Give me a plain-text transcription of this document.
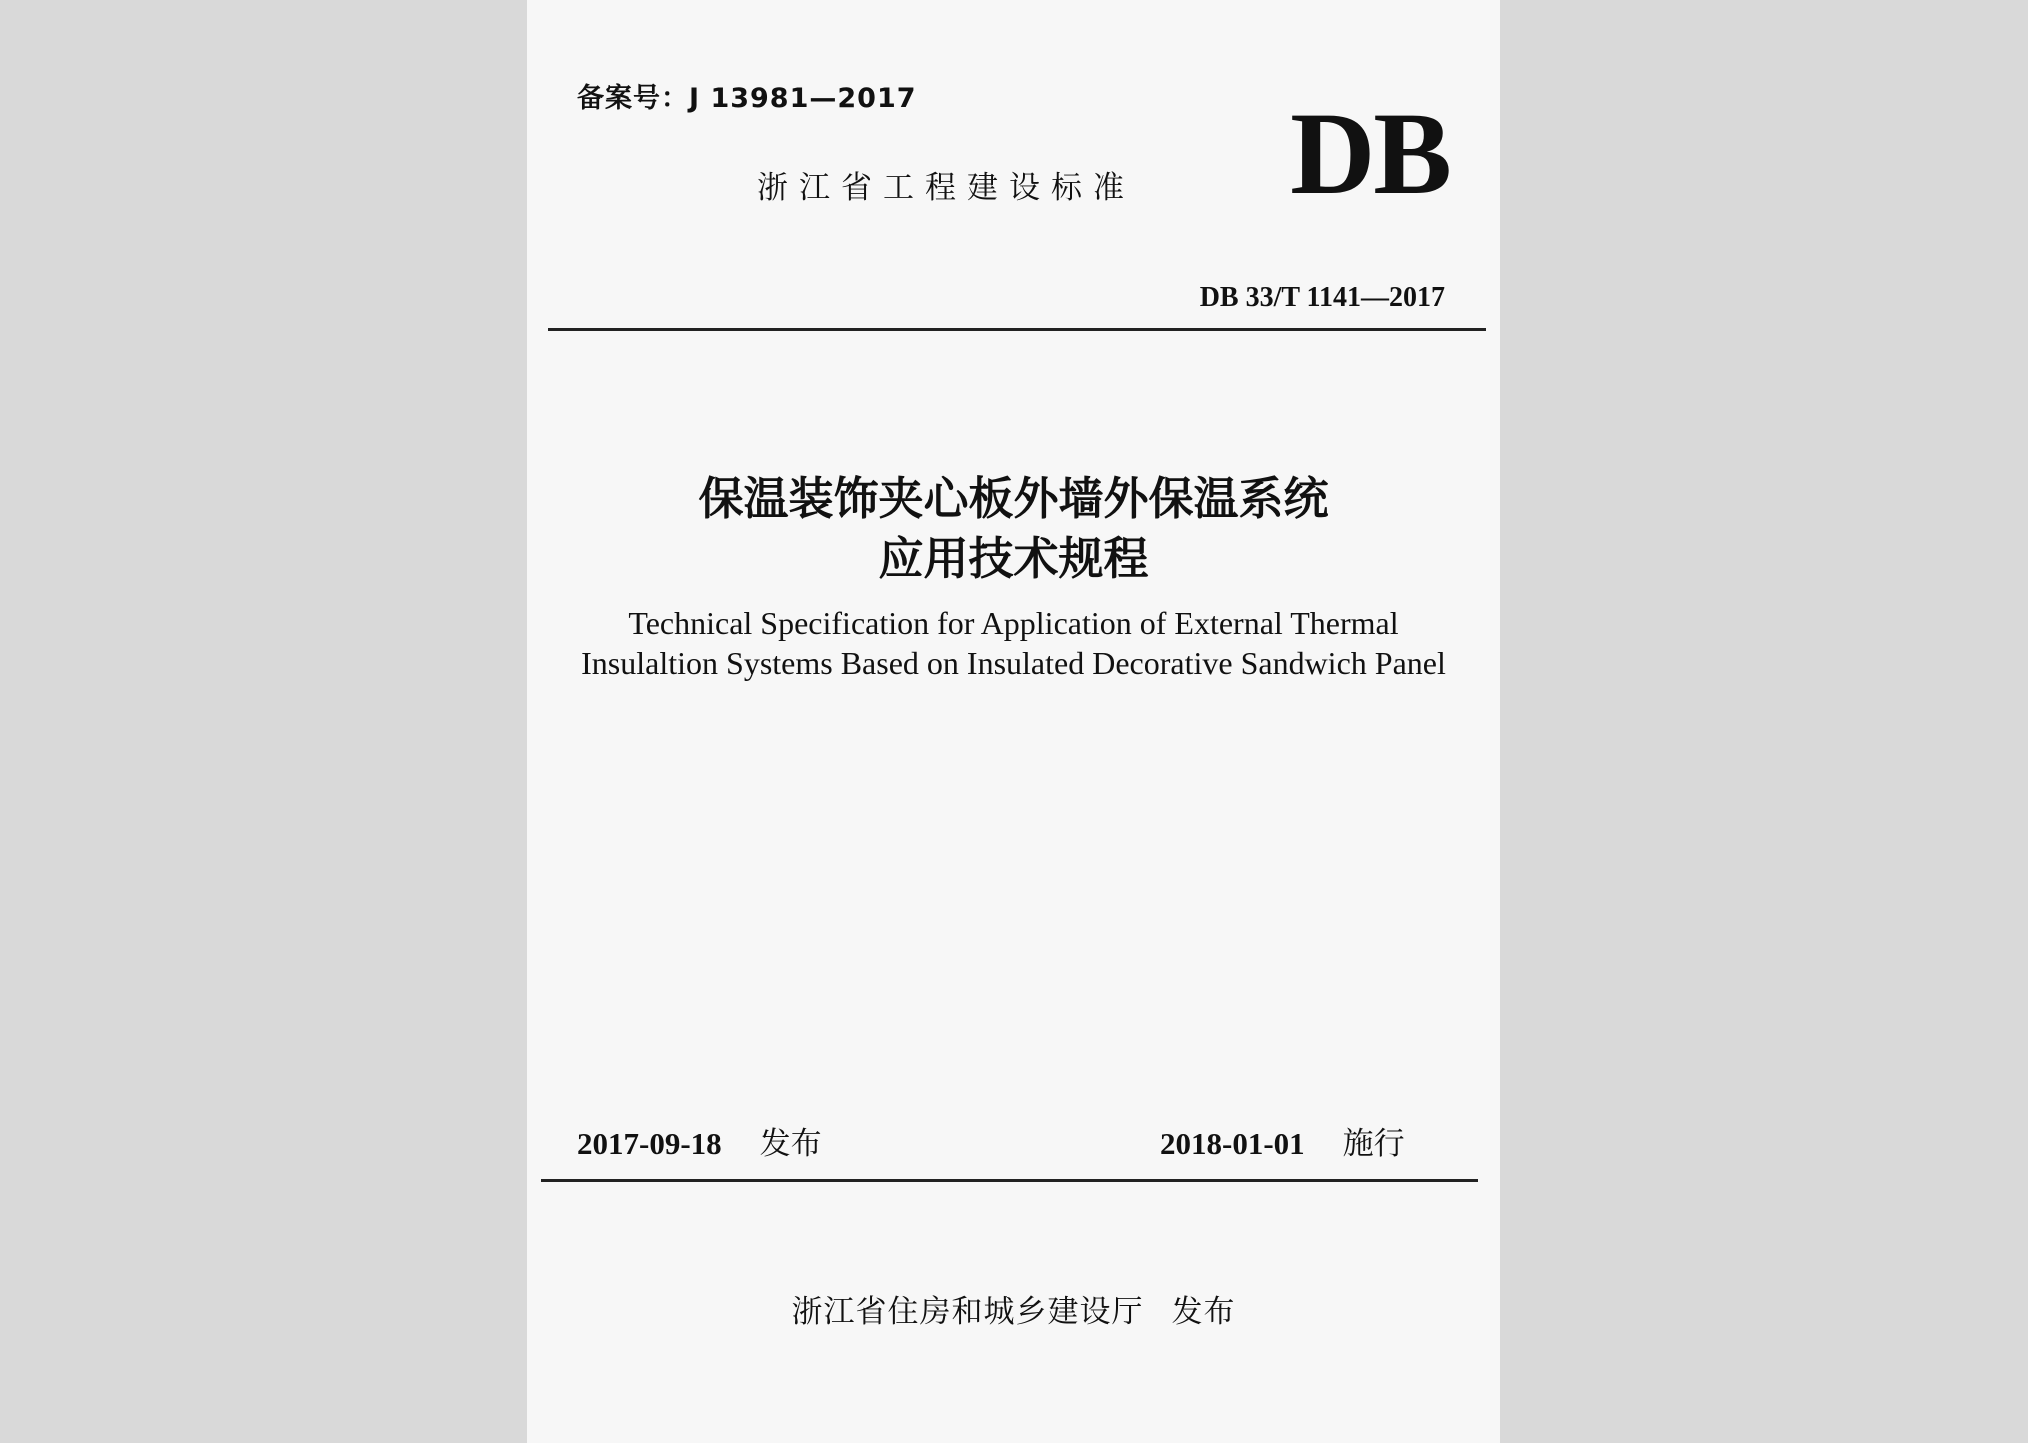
备案号：J 13981—2017
浙江省工程建设标准 DB
DB 33/T 1141—2017
保温装饰夹心板外墙外保温系统
应用技术规程
Technical Specification for Application of External Thermal
Insulaltion Systems Based on Insulated Decorative Sandwich Panel
2017-09-18 发布	2018-01-01 施行
浙江省住房和城乡建设厅 发布
